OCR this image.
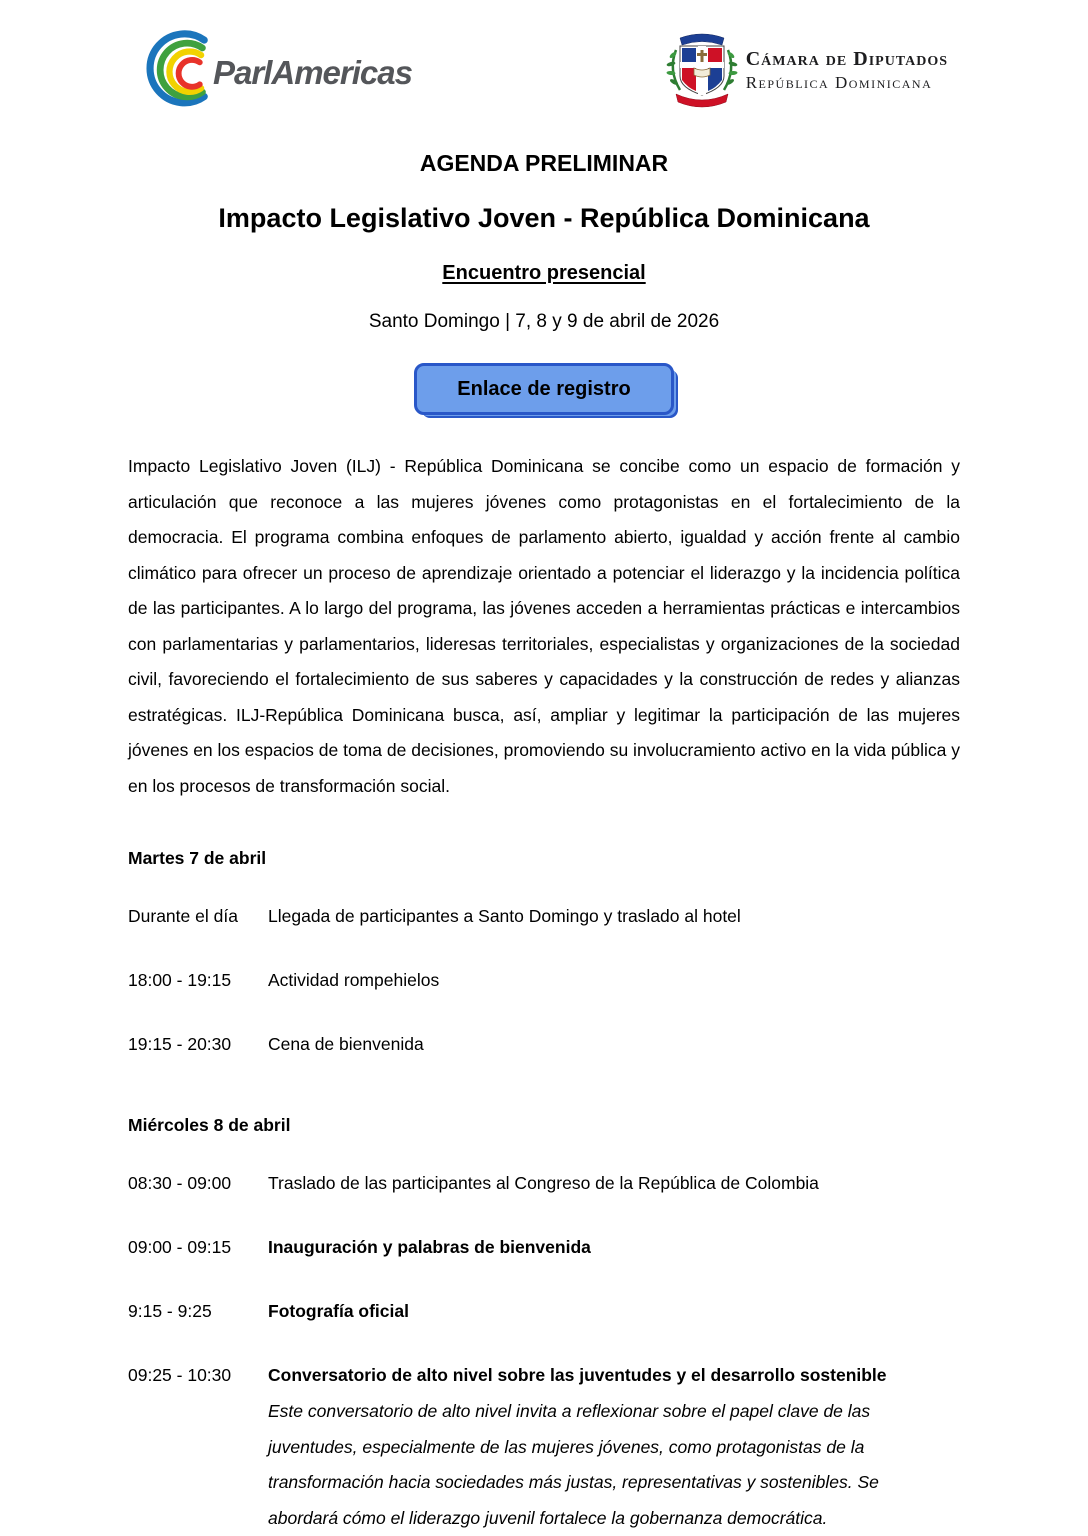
ParlAmericas	Cámara de Diputados
República Dominicana
AGENDA PRELIMINAR
Impacto Legislativo Joven - República Dominicana
Encuentro presencial
Santo Domingo | 7, 8 y 9 de abril de 2026
Enlace de registro

Impacto Legislativo Joven (ILJ) - República Dominicana se concibe como un espacio de formación y articulación que reconoce a las mujeres jóvenes como protagonistas en el fortalecimiento de la democracia. El programa combina enfoques de parlamento abierto, igualdad y acción frente al cambio climático para ofrecer un proceso de aprendizaje orientado a potenciar el liderazgo y la incidencia política de las participantes. A lo largo del programa, las jóvenes acceden a herramientas prácticas e intercambios con parlamentarias y parlamentarios, lideresas territoriales, especialistas y organizaciones de la sociedad civil, favoreciendo el fortalecimiento de sus saberes y capacidades y la construcción de redes y alianzas estratégicas. ILJ-República Dominicana busca, así, ampliar y legitimar la participación de las mujeres jóvenes en los espacios de toma de decisiones, promoviendo su involucramiento activo en la vida pública y en los procesos de transformación social.

Martes 7 de abril
Durante el día	Llegada de participantes a Santo Domingo y traslado al hotel
18:00 - 19:15	Actividad rompehielos
19:15 - 20:30	Cena de bienvenida
Miércoles 8 de abril
08:30 - 09:00	Traslado de las participantes al Congreso de la República de Colombia
09:00 - 09:15	Inauguración y palabras de bienvenida
9:15 - 9:25	Fotografía oficial
09:25 - 10:30	Conversatorio de alto nivel sobre las juventudes y el desarrollo sostenible
Este conversatorio de alto nivel invita a reflexionar sobre el papel clave de las juventudes, especialmente de las mujeres jóvenes, como protagonistas de la transformación hacia sociedades más justas, representativas y sostenibles. Se abordará cómo el liderazgo juvenil fortalece la gobernanza democrática.
